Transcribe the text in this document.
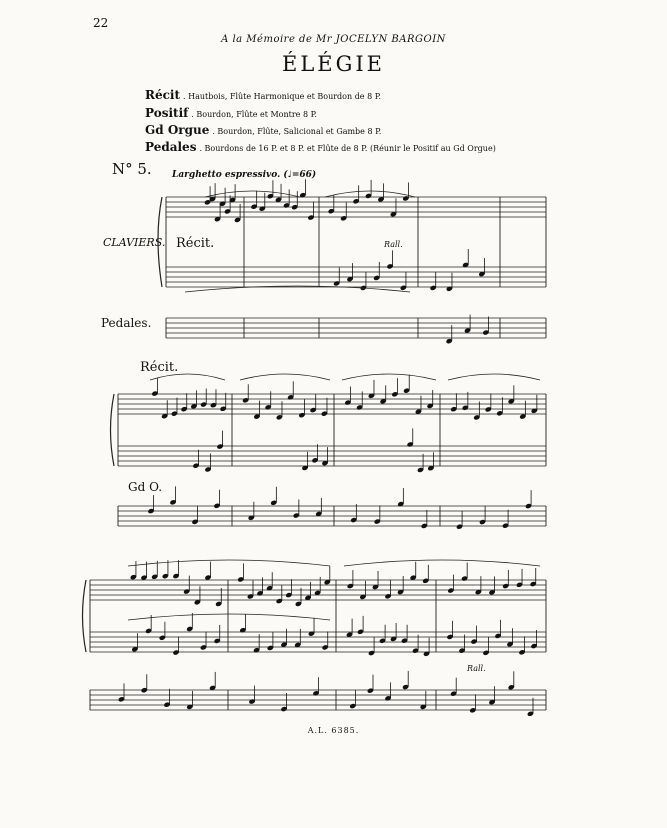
22
A la Mémoire de Mr JOCELYN BARGOIN
ÉLÉGIE
Récit . Hautbois, Flûte Harmonique et Bourdon de 8 P.
Positif . Bourdon, Flûte et Montre 8 P.
Gd Orgue . Bourdon, Flûte, Salicional et Gambe 8 P.
Pedales . Bourdons de 16 P. et 8 P. et Flûte de 8 P. (Réunir le Positif au Gd Orgue)
N° 5. Larghetto espressivo. (♩=66)
CLAVIERS. Récit.
Pedales.
Récit.
Gd O.
Rall.
Rall.
A.L. 6385.
